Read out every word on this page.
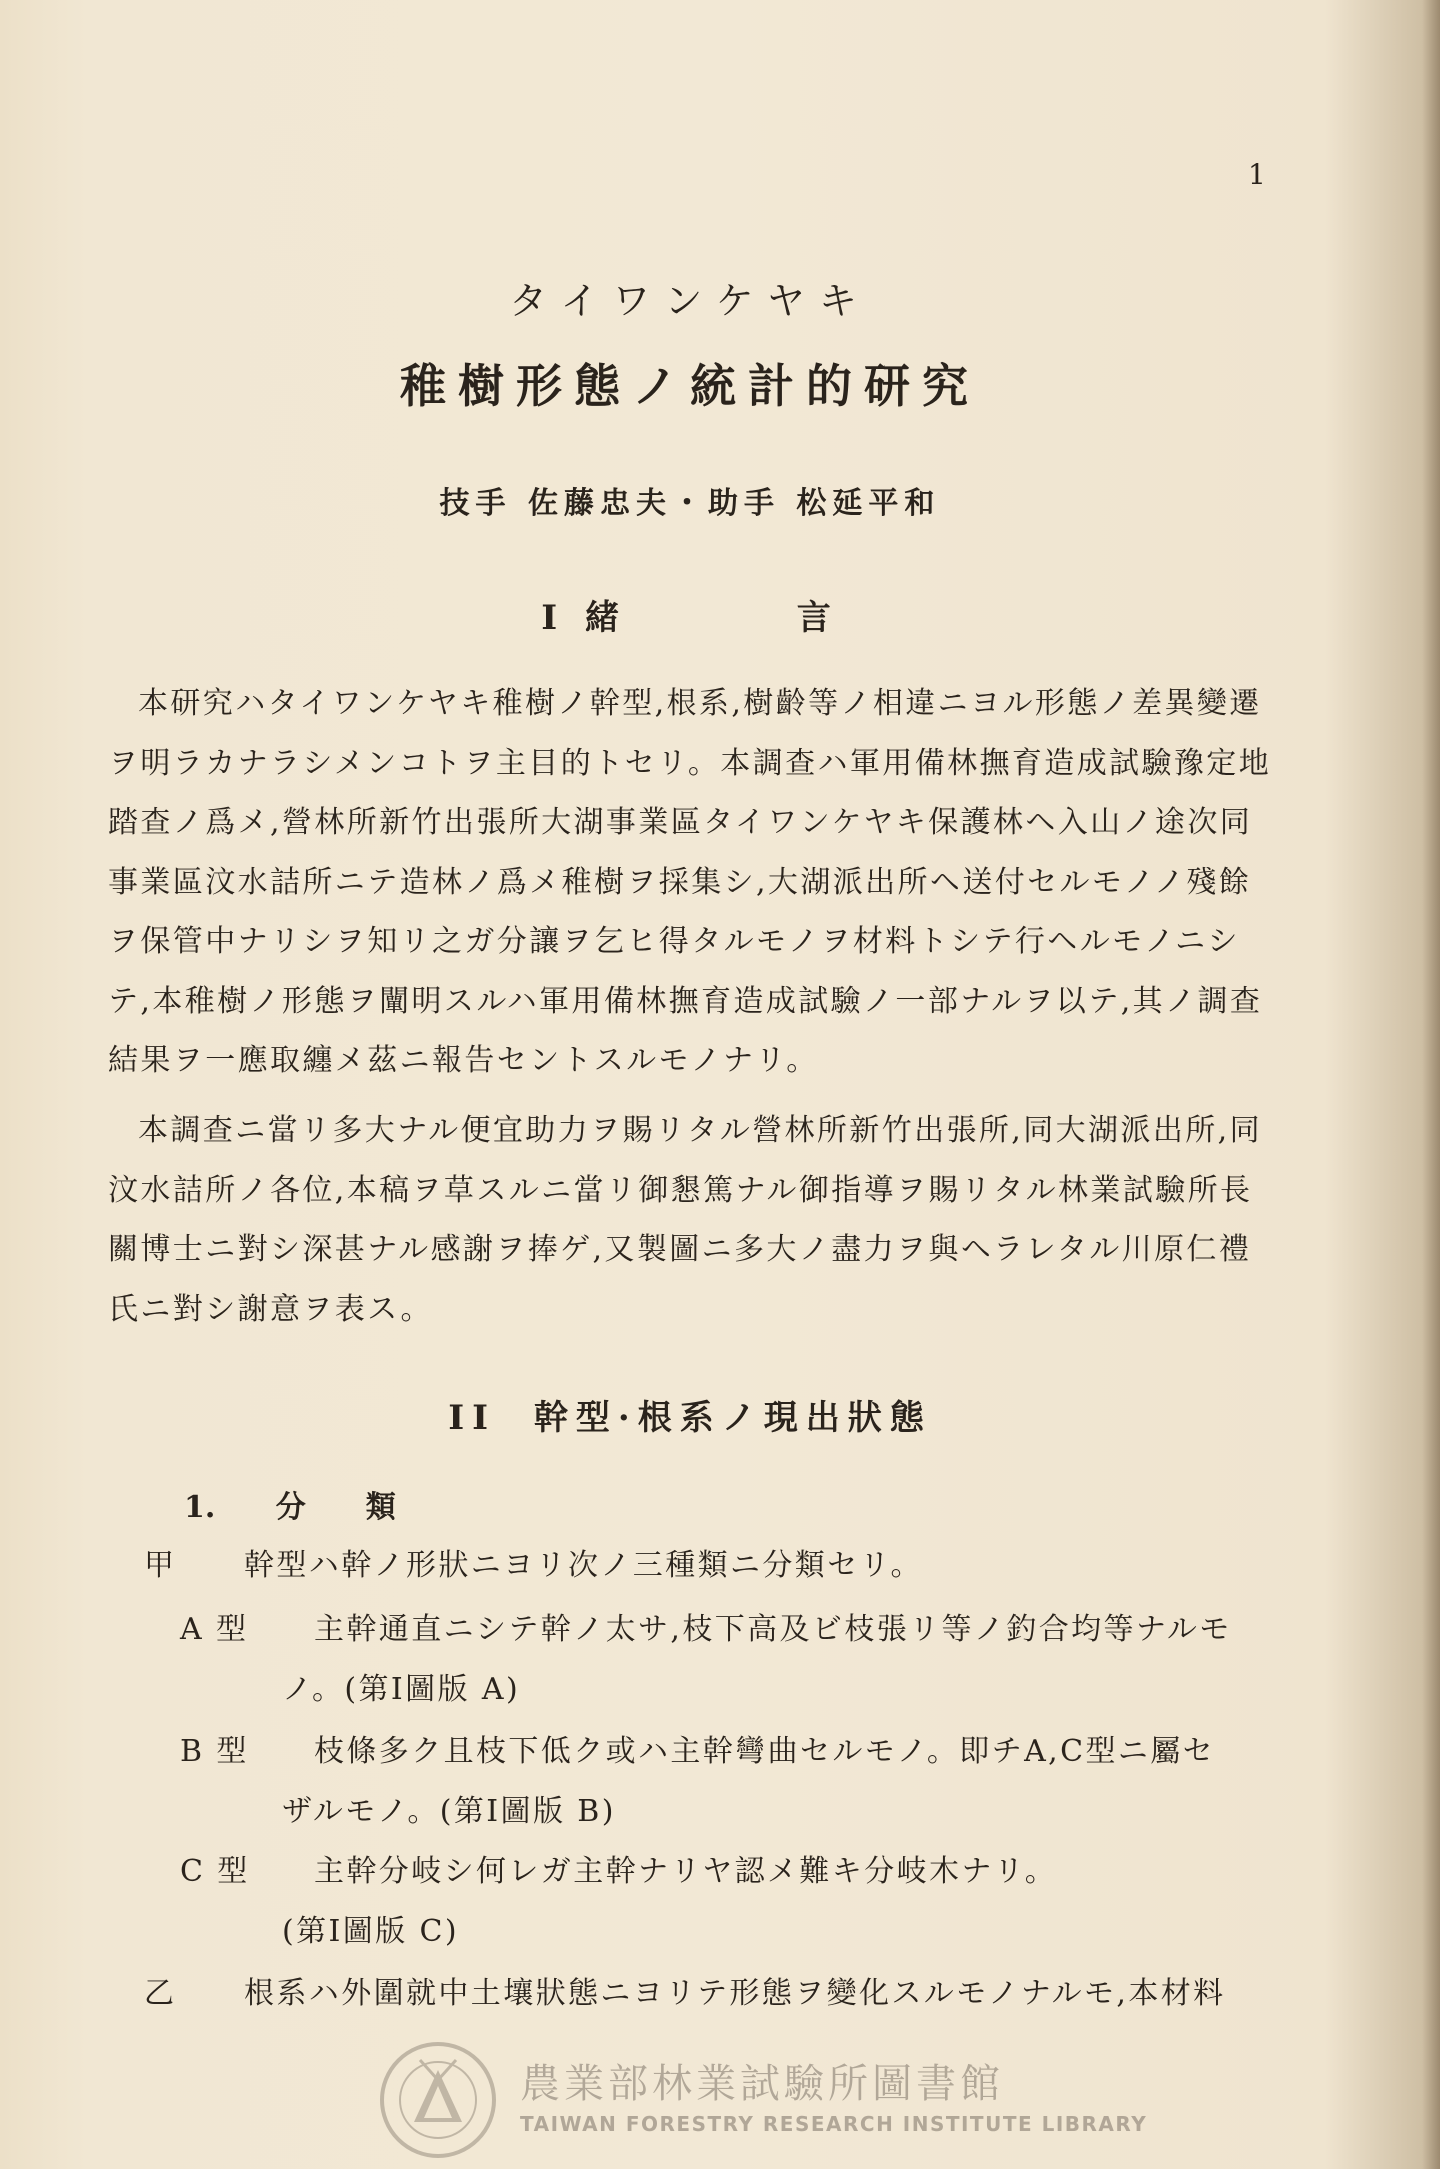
1
タイワンケヤキ
稚樹形態ノ統計的研究
技手 佐藤忠夫・助手 松延平和
I 緒	言

本研究ハタイワンケヤキ稚樹ノ幹型,根系,樹齡等ノ相違ニヨル形態ノ差異變遷ヲ明ラカナラシメンコトヲ主目的トセリ。本調查ハ軍用備林撫育造成試驗豫定地踏查ノ爲メ,營林所新竹出張所大湖事業區タイワンケヤキ保護林ヘ入山ノ途次同事業區汶水詰所ニテ造林ノ爲メ稚樹ヲ採集シ,大湖派出所ヘ送付セルモノノ殘餘ヲ保管中ナリシヲ知リ之ガ分讓ヲ乞ヒ得タルモノヲ材料トシテ行ヘルモノニシテ,本稚樹ノ形態ヲ闡明スルハ軍用備林撫育造成試驗ノ一部ナルヲ以テ,其ノ調查結果ヲ一應取纏メ茲ニ報告セントスルモノナリ。

本調查ニ當リ多大ナル便宜助力ヲ賜リタル營林所新竹出張所,同大湖派出所,同汶水詰所ノ各位,本稿ヲ草スルニ當リ御懇篤ナル御指導ヲ賜リタル林業試驗所長關博士ニ對シ深甚ナル感謝ヲ捧ゲ,又製圖ニ多大ノ盡力ヲ與ヘラレタル川原仁禮氏ニ對シ謝意ヲ表ス。

II 幹型·根系ノ現出狀態
1. 分類
甲 幹型ハ幹ノ形狀ニヨリ次ノ三種類ニ分類セリ。
A 型 主幹通直ニシテ幹ノ太サ,枝下高及ビ枝張リ等ノ釣合均等ナルモ
ノ。(第I圖版 A)
B 型 枝條多ク且枝下低ク或ハ主幹彎曲セルモノ。即チA,C型ニ屬セ
ザルモノ。(第I圖版 B)
C 型 主幹分岐シ何レガ主幹ナリヤ認メ難キ分岐木ナリ。
(第I圖版 C)
乙 根系ハ外圍就中土壤狀態ニヨリテ形態ヲ變化スルモノナルモ,本材料
農業部林業試驗所圖書館
TAIWAN FORESTRY RESEARCH INSTITUTE LIBRARY
